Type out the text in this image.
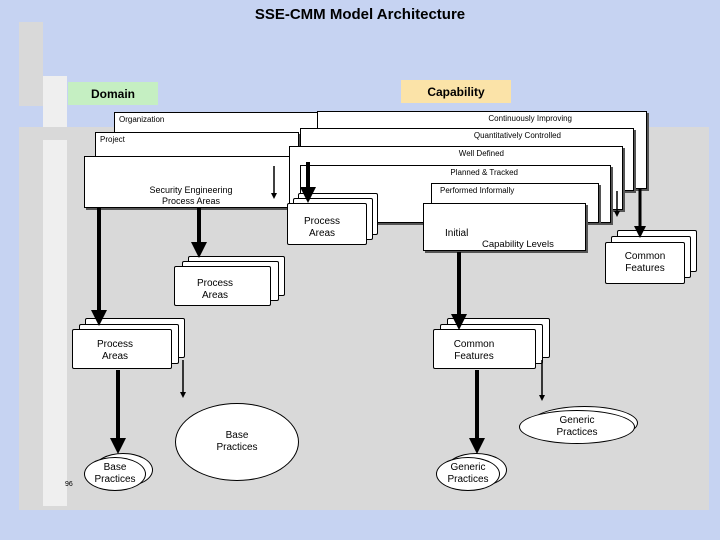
SSE-CMM Model Architecture
Domain	Capability
Organization
Project
Security Engineering Process Areas
Continuously Improving
Quantitatively Controlled
Well Defined
Planned & Tracked
Performed Informally
Initial
Capability Levels
Process Areas
Common Features
Process Areas
Process Areas
Common Features
Base Practices
Generic Practices
Base Practices
Generic Practices
96
